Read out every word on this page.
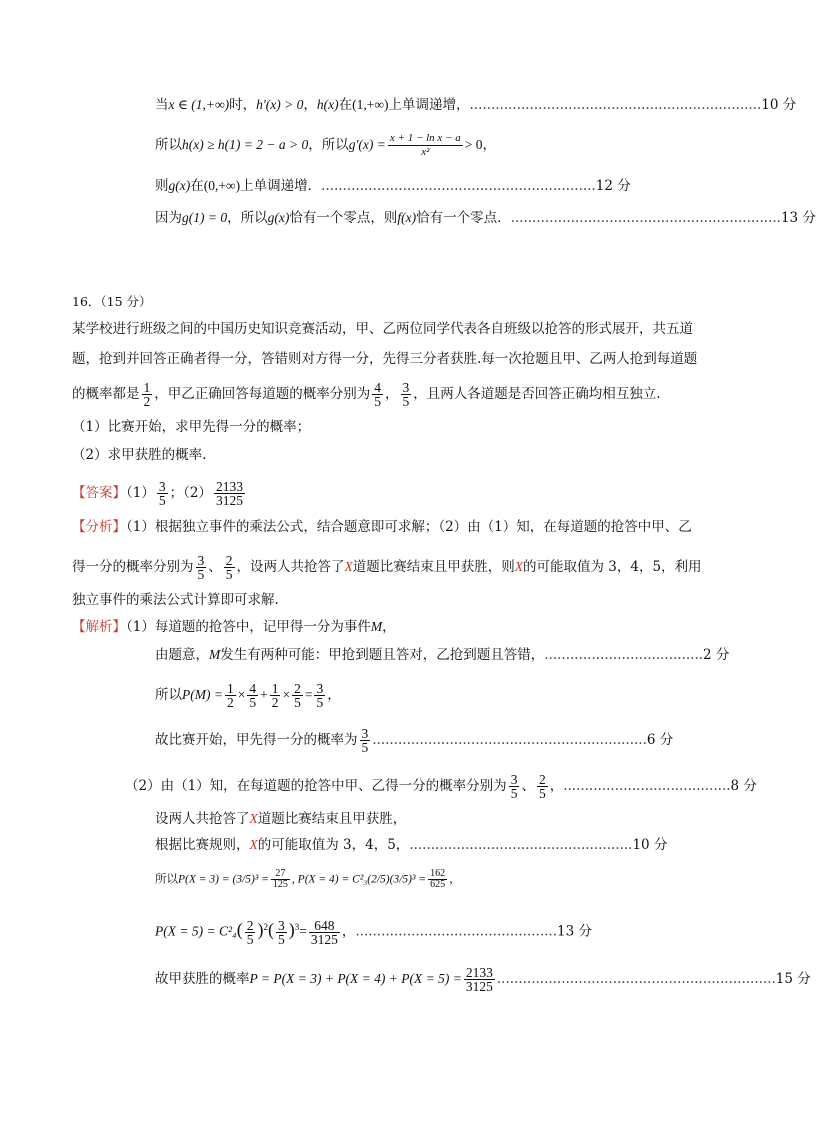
当x ∈ (1,+∞)时，h′(x) > 0，h(x)在(1,+∞)上单调递增，....................................................................10 分
所以h(x) ≥ h(1) = 2 − a > 0，所以$g'(x) = \frac{\text{x + 1 − ln x − a}}{\text{x²}} > 0$，
则g(x)在(0,+∞)上单调递增．................................................................12 分
因为g(1) = 0，所以g(x)恰有一个零点，则f(x)恰有一个零点．...............................................................13 分
16．（15 分）
某学校进行班级之间的中国历史知识竞赛活动，甲、乙两位同学代表各自班级以抢答的形式展开，共五道
题，抢到并回答正确者得一分，答错则对方得一分，先得三分者获胜.每一次抢题且甲、乙两人抢到每道题
的概率都是 $\frac{1}{2}$ ，甲乙正确回答每道题的概率分别为 $\frac{4}{5}$ ， $\frac{3}{5}$ ，且两人各道题是否回答正确均相互独立.
（1）比赛开始，求甲先得一分的概率；
（2）求甲获胜的概率.
【答案】$(1) \frac{3}{5}$ ；$(2) \frac{2133}{3125}$
【分析】（1）根据独立事件的乘法公式，结合题意即可求解；（2）由（1）知，在每道题的抢答中甲、乙
得一分的概率分别为 $\frac{3}{5}$ 、 $\frac{2}{5}$ ，设两人共抢答了X道题比赛结束且甲获胜，则X的可能取值为 3，4，5，利用
独立事件的乘法公式计算即可求解.
【解析】（1）每道题的抢答中，记甲得一分为事件M，
由题意，M发生有两种可能：甲抢到题且答对，乙抢到题且答错，.....................................2 分
所以$P(M) = \frac{1}{2} \times \frac{4}{5} + \frac{1}{2} \times \frac{2}{5} = \frac{3}{5}$ ，
故比赛开始，甲先得一分的概率为 $\frac{3}{5} ................................................................6$ 分
（2）由（1）知，在每道题的抢答中甲、乙得一分的概率分别为 $\frac{3}{5}$ 、 $\frac{2}{5}$ ，.......................................8 分
设两人共抢答了X道题比赛结束且甲获胜，
根据比赛规则，X的可能取值为 3，4，5，....................................................10 分
所以$P(X = 3) = (3/5)^3 = \frac{27}{125}$ , $P(X = 4) = C^2_3(2/5)(3/5)^3 = \frac{162}{625}$ ，
$P(X = 5) = C^2_4( \frac{2}{5} )^2( \frac{3}{5} )^3= \frac{648}{3125}$ ，...............................................13 分
故甲获胜的概率$P = P(X = 3) + P(X = 4) + P(X = 5) = \frac{2133}{3125} .................................................................15$ 分
